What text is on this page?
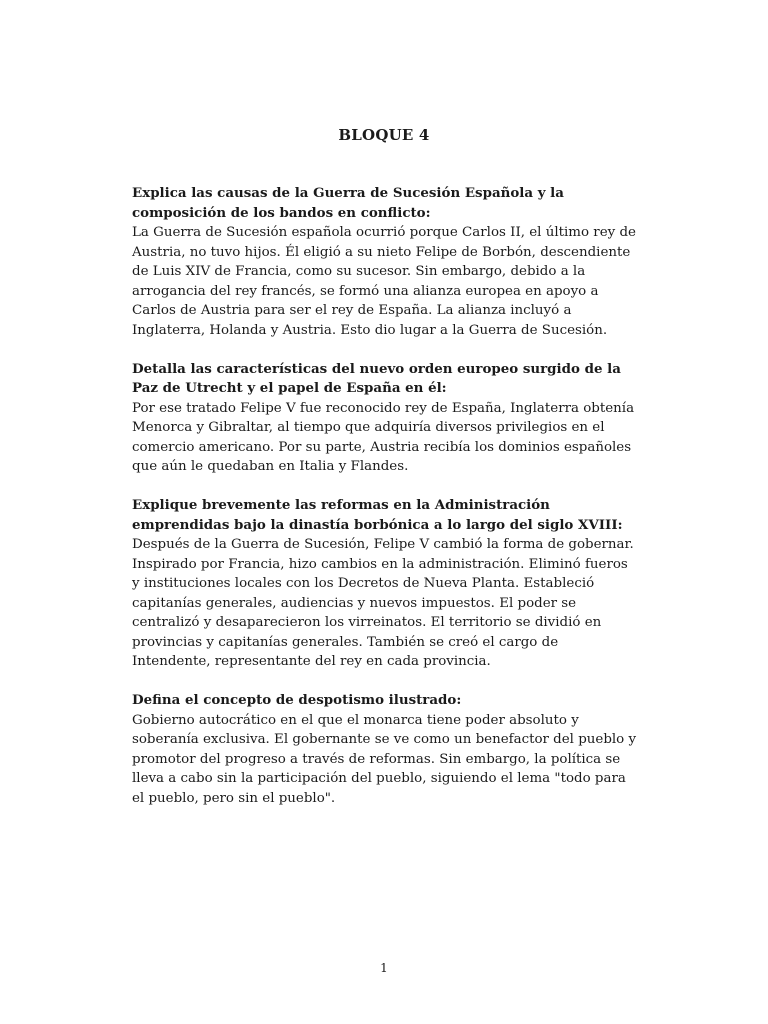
BLOQUE 4

Explica las causas de la Guerra de Sucesión Española y la composición de los bandos en conflicto:

La Guerra de Sucesión española ocurrió porque Carlos II, el último rey de Austria, no tuvo hijos. Él eligió a su nieto Felipe de Borbón, descendiente de Luis XIV de Francia, como su sucesor. Sin embargo, debido a la arrogancia del rey francés, se formó una alianza europea en apoyo a Carlos de Austria para ser el rey de España. La alianza incluyó a Inglaterra, Holanda y Austria. Esto dio lugar a la Guerra de Sucesión.

Detalla las características del nuevo orden europeo surgido de la Paz de Utrecht y el papel de España en él:

Por ese tratado Felipe V fue reconocido rey de España, Inglaterra obtenía Menorca y Gibraltar, al tiempo que adquiría diversos privilegios en el comercio americano. Por su parte, Austria recibía los dominios españoles que aún le quedaban en Italia y Flandes.

Explique brevemente las reformas en la Administración emprendidas bajo la dinastía borbónica a lo largo del siglo XVIII:

Después de la Guerra de Sucesión, Felipe V cambió la forma de gobernar. Inspirado por Francia, hizo cambios en la administración. Eliminó fueros y instituciones locales con los Decretos de Nueva Planta. Estableció capitanías generales, audiencias y nuevos impuestos. El poder se centralizó y desaparecieron los virreinatos. El territorio se dividió en provincias y capitanías generales. También se creó el cargo de Intendente, representante del rey en cada provincia.

Defina el concepto de despotismo ilustrado:

Gobierno autocrático en el que el monarca tiene poder absoluto y soberanía exclusiva. El gobernante se ve como un benefactor del pueblo y promotor del progreso a través de reformas. Sin embargo, la política se lleva a cabo sin la participación del pueblo, siguiendo el lema "todo para el pueblo, pero sin el pueblo".

1
